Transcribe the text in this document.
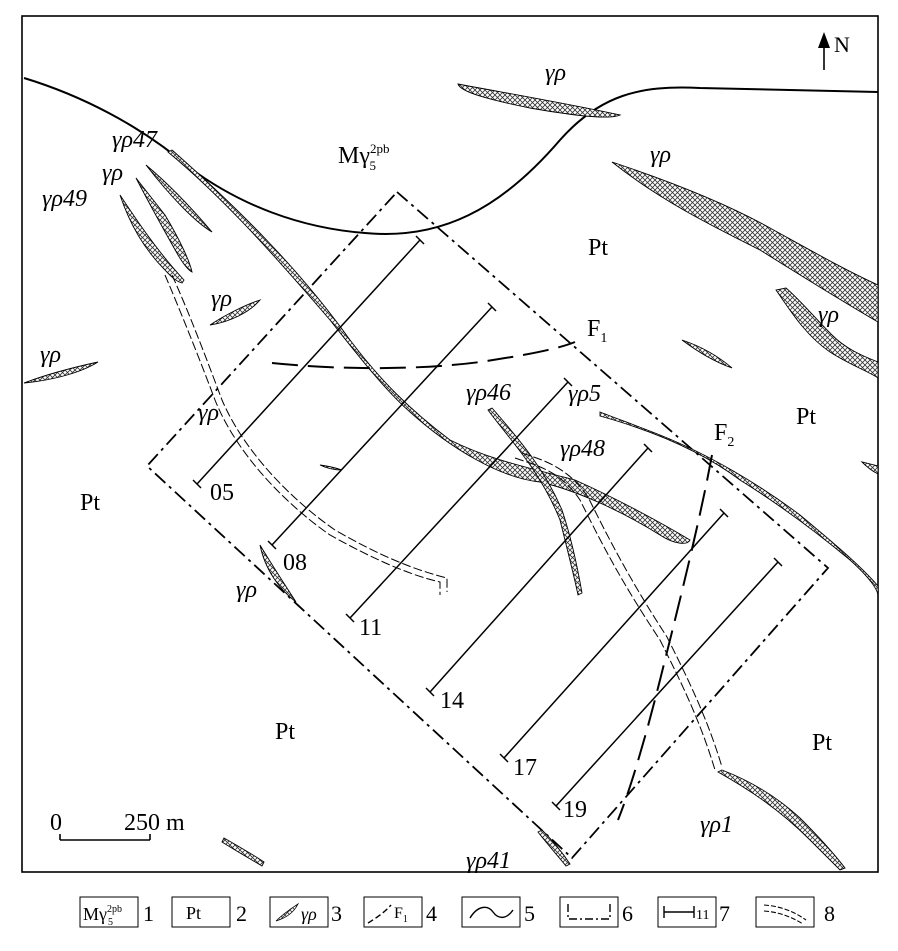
N
Pt
Pt
Pt
Pt	Pt
γρ
γρ
γρ
γρ
γρ
γρ
γρ
γρ
γρ47
γρ49
γρ46 γρ5
γρ48
γρ1
γρ41
$M\gamma^{2pb}$ 5
$F_1$
$F_2$
05
08
11
14
17
19
0	250 m
$M\gamma^{2pb}$ 5	1 Pt 2	γρ 3	$F_1$ 4	5	6	11 7	8
